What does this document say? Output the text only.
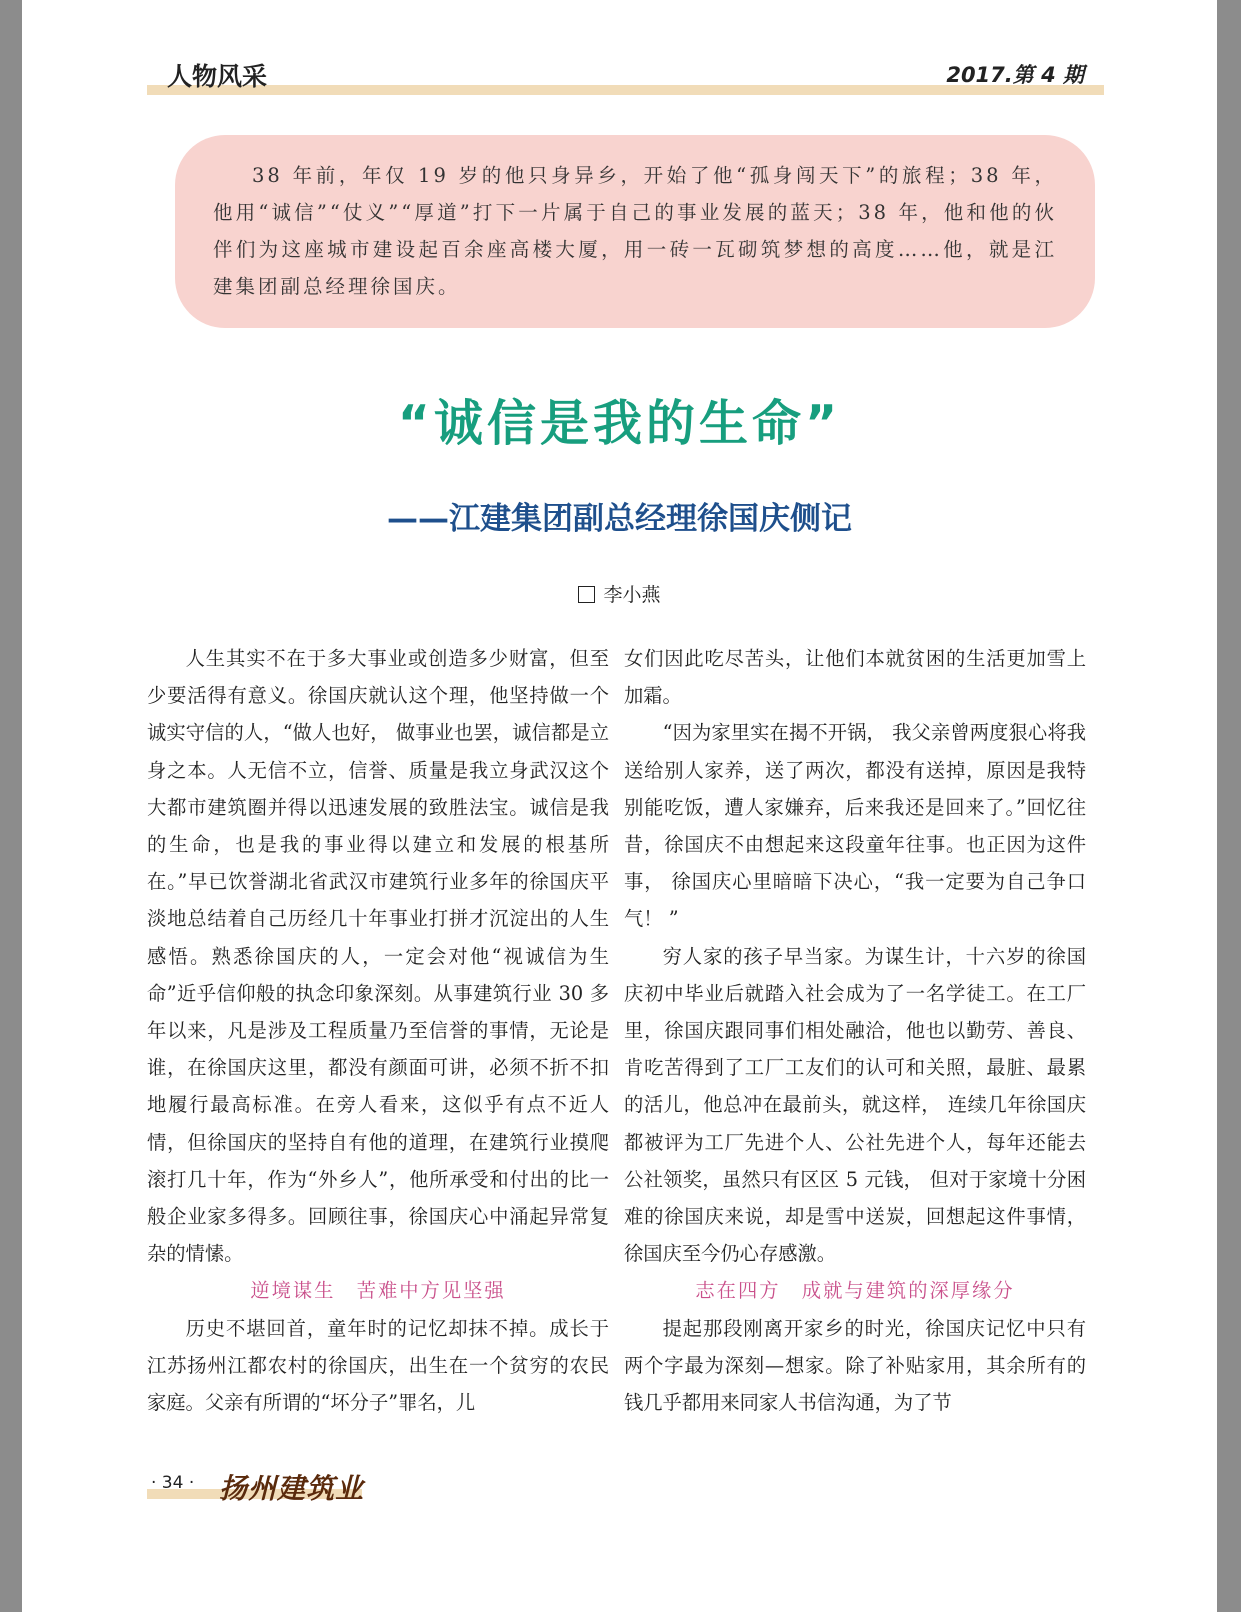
人物风采	2017.第 4 期
38 年前，年仅 19 岁的他只身异乡，开始了他“孤身闯天下”的旅程；38 年，他用“诚信”“仗义”“厚道”打下一片属于自己的事业发展的蓝天；38 年，他和他的伙伴们为这座城市建设起百余座高楼大厦，用一砖一瓦砌筑梦想的高度……他，就是江建集团副总经理徐国庆。
“诚信是我的生命”
——江建集团副总经理徐国庆侧记
李小燕

人生其实不在于多大事业或创造多少财富，但至少要活得有意义。徐国庆就认这个理，他坚持做一个诚实守信的人，“做人也好， 做事业也罢，诚信都是立身之本。人无信不立，信誉、质量是我立身武汉这个大都市建筑圈并得以迅速发展的致胜法宝。诚信是我的生命，也是我的事业得以建立和发展的根基所在。”早已饮誉湖北省武汉市建筑行业多年的徐国庆平淡地总结着自己历经几十年事业打拼才沉淀出的人生感悟。熟悉徐国庆的人，一定会对他“视诚信为生命”近乎信仰般的执念印象深刻。从事建筑行业 30 多年以来，凡是涉及工程质量乃至信誉的事情，无论是谁，在徐国庆这里，都没有颜面可讲，必须不折不扣地履行最高标准。在旁人看来，这似乎有点不近人情，但徐国庆的坚持自有他的道理，在建筑行业摸爬滚打几十年，作为“外乡人”，他所承受和付出的比一般企业家多得多。回顾往事，徐国庆心中涌起异常复杂的情愫。

逆境谋生　苦难中方见坚强

历史不堪回首，童年时的记忆却抹不掉。成长于江苏扬州江都农村的徐国庆，出生在一个贫穷的农民家庭。父亲有所谓的“坏分子”罪名，儿

女们因此吃尽苦头，让他们本就贫困的生活更加雪上加霜。

“因为家里实在揭不开锅， 我父亲曾两度狠心将我送给别人家养，送了两次，都没有送掉，原因是我特别能吃饭，遭人家嫌弃，后来我还是回来了。”回忆往昔，徐国庆不由想起来这段童年往事。也正因为这件事， 徐国庆心里暗暗下决心，“我一定要为自己争口气！ ”

穷人家的孩子早当家。为谋生计，十六岁的徐国庆初中毕业后就踏入社会成为了一名学徒工。在工厂里，徐国庆跟同事们相处融洽，他也以勤劳、善良、肯吃苦得到了工厂工友们的认可和关照，最脏、最累的活儿，他总冲在最前头，就这样， 连续几年徐国庆都被评为工厂先进个人、公社先进个人，每年还能去公社领奖，虽然只有区区 5 元钱， 但对于家境十分困难的徐国庆来说，却是雪中送炭，回想起这件事情，徐国庆至今仍心存感激。

志在四方　成就与建筑的深厚缘分

提起那段刚离开家乡的时光，徐国庆记忆中只有两个字最为深刻—想家。除了补贴家用，其余所有的钱几乎都用来同家人书信沟通，为了节

· 34 · 扬州建筑业
